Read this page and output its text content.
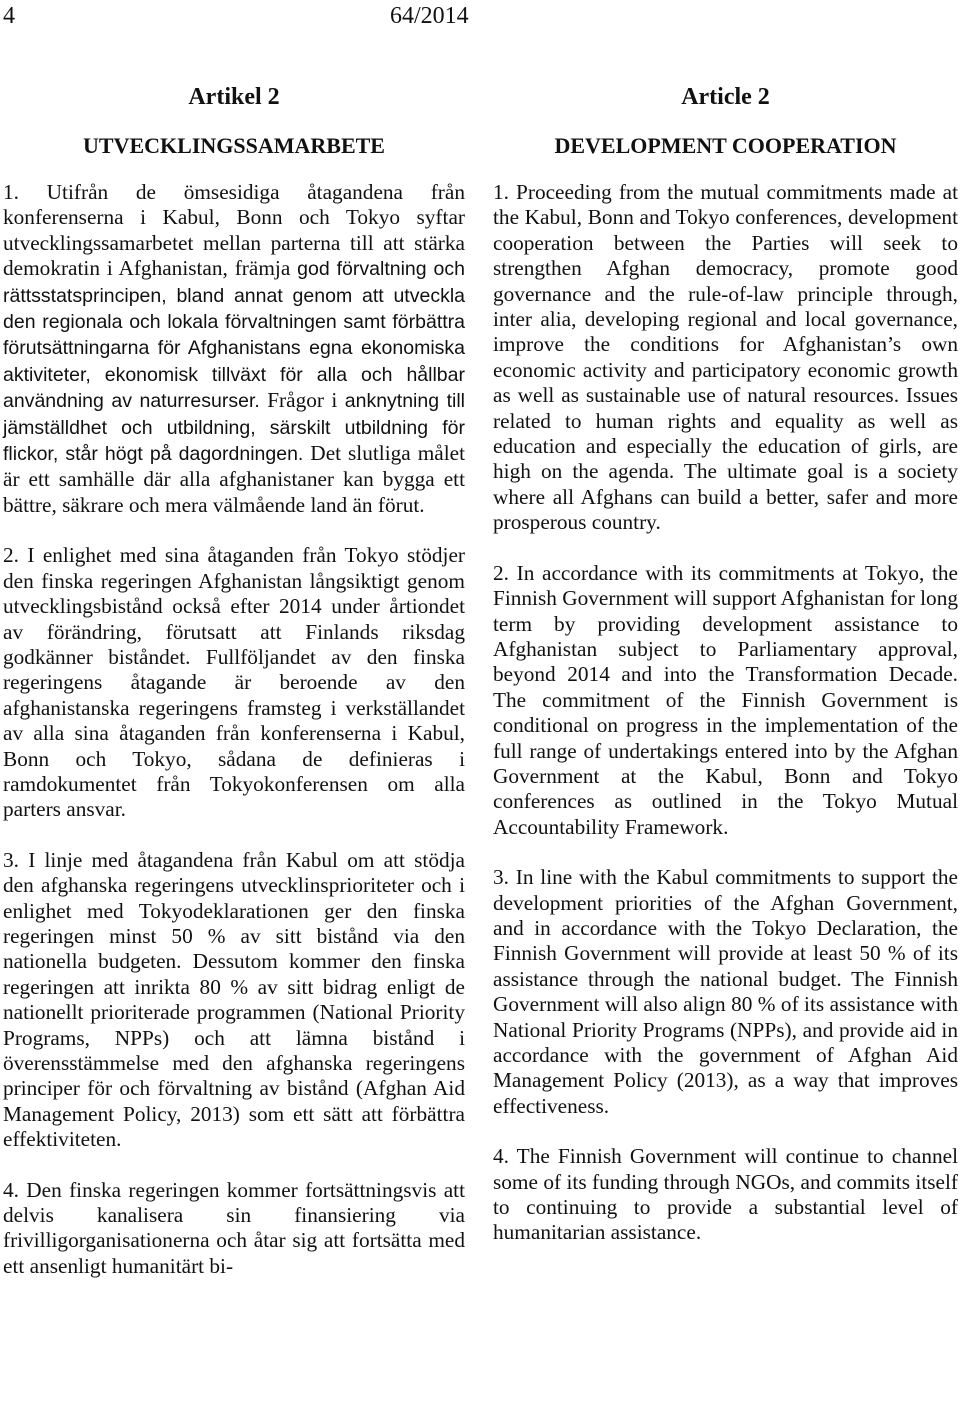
4	64/2014
Artikel 2
UTVECKLINGSSAMARBETE

1. Utifrån de ömsesidiga åtagandena från konferenserna i Kabul, Bonn och Tokyo syftar utvecklingssamarbetet mellan parterna till att stärka demokratin i Afghanistan, främja god förvaltning och rättsstatsprincipen, bland annat genom att utveckla den regionala och lokala förvaltningen samt förbättra förutsättningarna för Afghanistans egna ekonomiska aktiviteter, ekonomisk tillväxt för alla och hållbar användning av naturresurser. Frågor i anknytning till jämställdhet och utbildning, särskilt utbildning för flickor, står högt på dagordningen. Det slutliga målet är ett samhälle där alla afghanistaner kan bygga ett bättre, säkrare och mera välmående land än förut.

2. I enlighet med sina åtaganden från Tokyo stödjer den finska regeringen Afghanistan långsiktigt genom utvecklingsbistånd också efter 2014 under årtiondet av förändring, förutsatt att Finlands riksdag godkänner biståndet. Fullföljandet av den finska regeringens åtagande är beroende av den afghanistanska regeringens framsteg i verkställandet av alla sina åtaganden från konferenserna i Kabul, Bonn och Tokyo, sådana de definieras i ramdokumentet från Tokyokonferensen om alla parters ansvar.

3. I linje med åtagandena från Kabul om att stödja den afghanska regeringens utvecklinsprioriteter och i enlighet med Tokyodeklarationen ger den finska regeringen minst 50 % av sitt bistånd via den nationella budgeten. Dessutom kommer den finska regeringen att inrikta 80 % av sitt bidrag enligt de nationellt prioriterade programmen (National Priority Programs, NPPs) och att lämna bistånd i överensstämmelse med den afghanska regeringens principer för och förvaltning av bistånd (Afghan Aid Management Policy, 2013) som ett sätt att förbättra effektiviteten.

4. Den finska regeringen kommer fortsättningsvis att delvis kanalisera sin finansiering via frivilligorganisationerna och åtar sig att fortsätta med ett ansenligt humanitärt bi-

Article 2
DEVELOPMENT COOPERATION

1. Proceeding from the mutual commitments made at the Kabul, Bonn and Tokyo conferences, development cooperation between the Parties will seek to strengthen Afghan democracy, promote good governance and the rule-of-law principle through, inter alia, developing regional and local governance, improve the conditions for Afghanistan’s own economic activity and participatory economic growth as well as sustainable use of natural resources. Issues related to human rights and equality as well as education and especially the education of girls, are high on the agenda. The ultimate goal is a society where all Afghans can build a better, safer and more prosperous country.

2. In accordance with its commitments at Tokyo, the Finnish Government will support Afghanistan for long term by providing development assistance to Afghanistan subject to Parliamentary approval, beyond 2014 and into the Transformation Decade. The commitment of the Finnish Government is conditional on progress in the implementation of the full range of undertakings entered into by the Afghan Government at the Kabul, Bonn and Tokyo conferences as outlined in the Tokyo Mutual Accountability Framework.

3. In line with the Kabul commitments to support the development priorities of the Afghan Government, and in accordance with the Tokyo Declaration, the Finnish Government will provide at least 50 % of its assistance through the national budget. The Finnish Government will also align 80 % of its assistance with National Priority Programs (NPPs), and provide aid in accordance with the government of Afghan Aid Management Policy (2013), as a way that improves effectiveness.

4. The Finnish Government will continue to channel some of its funding through NGOs, and commits itself to continuing to provide a substantial level of humanitarian assistance.
